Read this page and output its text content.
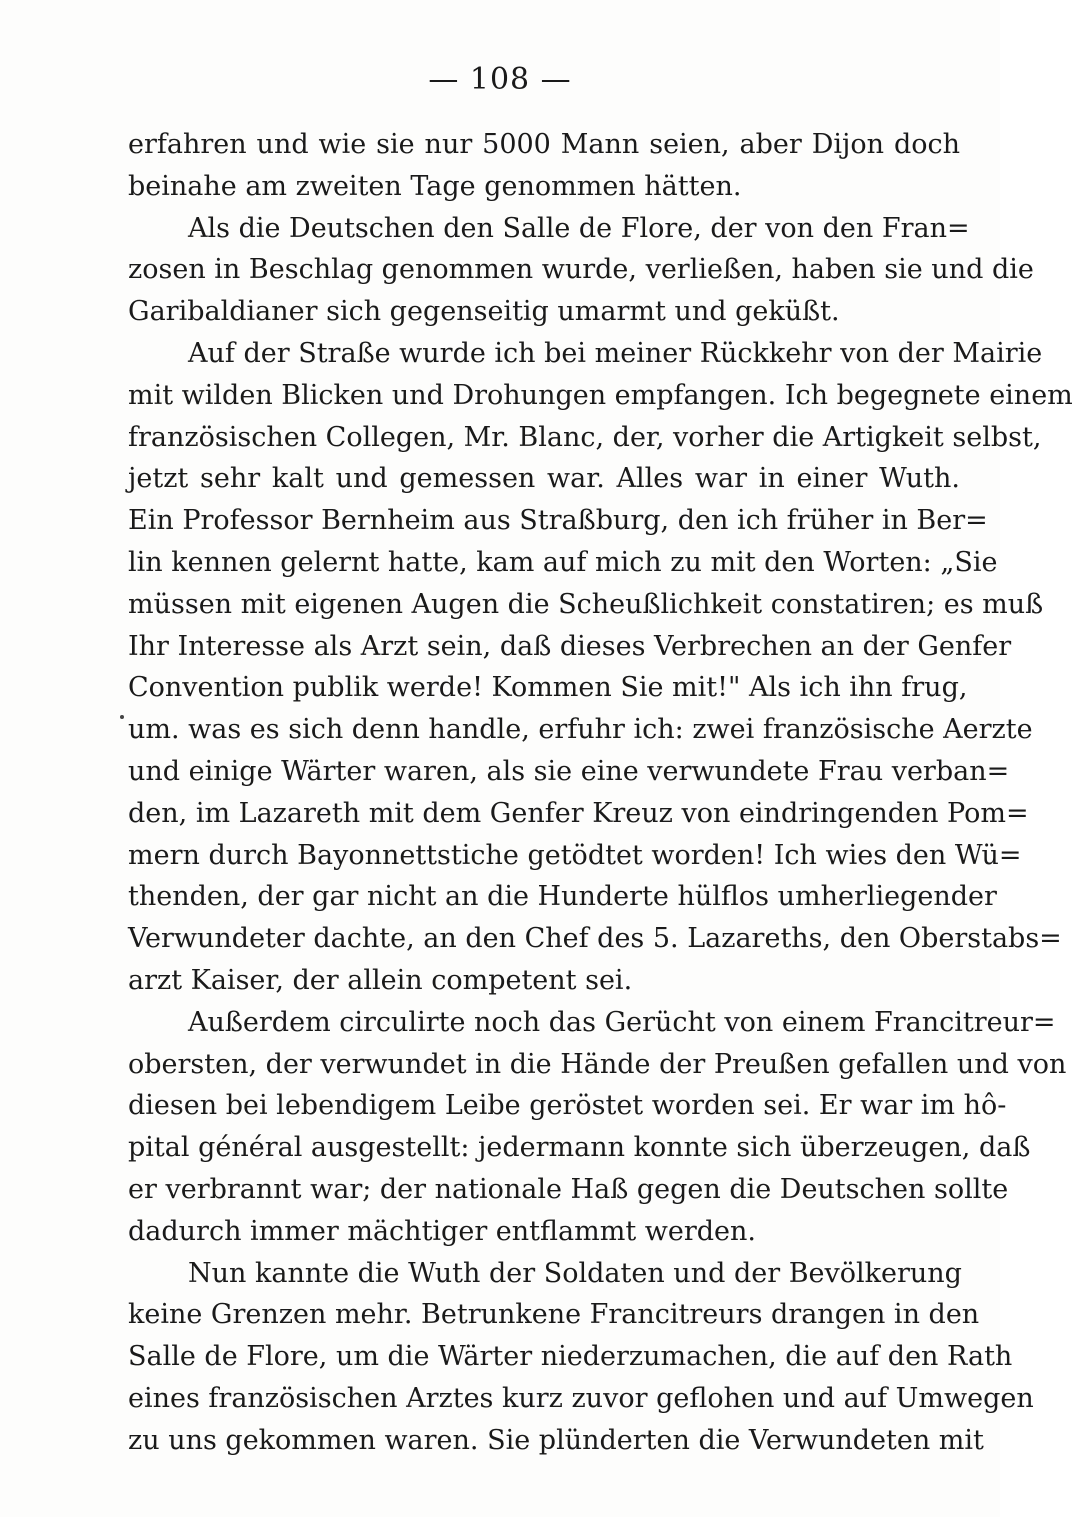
— 108 —
erfahren und wie sie nur 5000 Mann seien, aber Dijon doch
beinahe am zweiten Tage genommen hätten.
Als die Deutschen den Salle de Flore, der von den Fran=
zosen in Beschlag genommen wurde, verließen, haben sie und die
Garibaldianer sich gegenseitig umarmt und geküßt.
Auf der Straße wurde ich bei meiner Rückkehr von der Mairie
mit wilden Blicken und Drohungen empfangen. Ich begegnete einem
französischen Collegen, Mr. Blanc, der, vorher die Artigkeit selbst,
jetzt sehr kalt und gemessen war. Alles war in einer Wuth.
Ein Professor Bernheim aus Straßburg, den ich früher in Ber=
lin kennen gelernt hatte, kam auf mich zu mit den Worten: „Sie
müssen mit eigenen Augen die Scheußlichkeit constatiren; es muß
Ihr Interesse als Arzt sein, daß dieses Verbrechen an der Genfer
Convention publik werde! Kommen Sie mit!" Als ich ihn frug,
um. was es sich denn handle, erfuhr ich: zwei französische Aerzte
und einige Wärter waren, als sie eine verwundete Frau verban=
den, im Lazareth mit dem Genfer Kreuz von eindringenden Pom=
mern durch Bayonnettstiche getödtet worden! Ich wies den Wü=
thenden, der gar nicht an die Hunderte hülflos umherliegender
Verwundeter dachte, an den Chef des 5. Lazareths, den Oberstabs=
arzt Kaiser, der allein competent sei.
Außerdem circulirte noch das Gerücht von einem Francitreur=
obersten, der verwundet in die Hände der Preußen gefallen und von
diesen bei lebendigem Leibe geröstet worden sei. Er war im hô-
pital général ausgestellt: jedermann konnte sich überzeugen, daß
er verbrannt war; der nationale Haß gegen die Deutschen sollte
dadurch immer mächtiger entflammt werden.
Nun kannte die Wuth der Soldaten und der Bevölkerung
keine Grenzen mehr. Betrunkene Francitreurs drangen in den
Salle de Flore, um die Wärter niederzumachen, die auf den Rath
eines französischen Arztes kurz zuvor geflohen und auf Umwegen
zu uns gekommen waren. Sie plünderten die Verwundeten mit
